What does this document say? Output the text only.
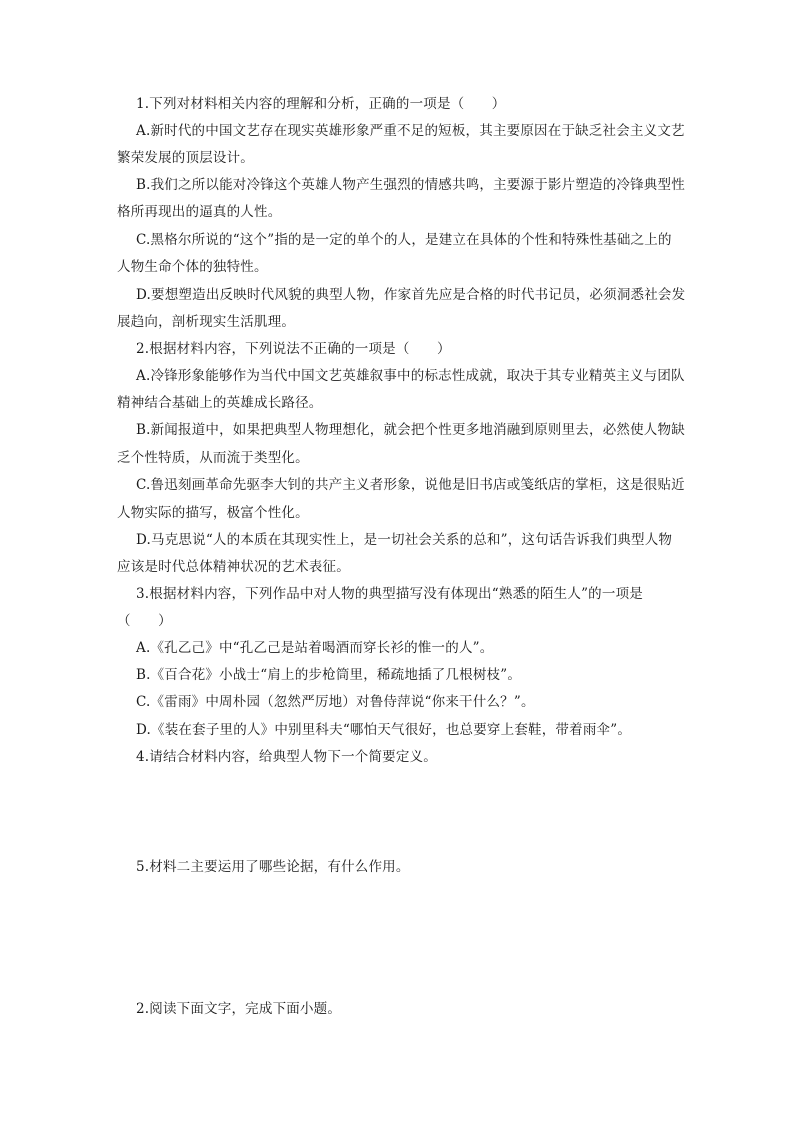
1.下列对材料相关内容的理解和分析，正确的一项是（　　）
A.新时代的中国文艺存在现实英雄形象严重不足的短板，其主要原因在于缺乏社会主义文艺
繁荣发展的顶层设计。
B.我们之所以能对冷锋这个英雄人物产生强烈的情感共鸣，主要源于影片塑造的冷锋典型性
格所再现出的逼真的人性。
C.黑格尔所说的“这个”指的是一定的单个的人，是建立在具体的个性和特殊性基础之上的
人物生命个体的独特性。
D.要想塑造出反映时代风貌的典型人物，作家首先应是合格的时代书记员，必须洞悉社会发
展趋向，剖析现实生活肌理。
2.根据材料内容，下列说法不正确的一项是（　　）
A.冷锋形象能够作为当代中国文艺英雄叙事中的标志性成就，取决于其专业精英主义与团队
精神结合基础上的英雄成长路径。
B.新闻报道中，如果把典型人物理想化，就会把个性更多地消融到原则里去，必然使人物缺
乏个性特质，从而流于类型化。
C.鲁迅刻画革命先驱李大钊的共产主义者形象，说他是旧书店或笺纸店的掌柜，这是很贴近
人物实际的描写，极富个性化。
D.马克思说“人的本质在其现实性上，是一切社会关系的总和”，这句话告诉我们典型人物
应该是时代总体精神状况的艺术表征。
3.根据材料内容，下列作品中对人物的典型描写没有体现出“熟悉的陌生人”的一项是
（　　）
A.《孔乙己》中“孔乙己是站着喝酒而穿长衫的惟一的人”。
B.《百合花》小战士“肩上的步枪筒里，稀疏地插了几根树枝”。
C.《雷雨》中周朴园（忽然严厉地）对鲁侍萍说“你来干什么？”。
D.《装在套子里的人》中别里科夫“哪怕天气很好，也总要穿上套鞋，带着雨伞”。
4.请结合材料内容，给典型人物下一个简要定义。
5.材料二主要运用了哪些论据，有什么作用。
2.阅读下面文字，完成下面小题。
